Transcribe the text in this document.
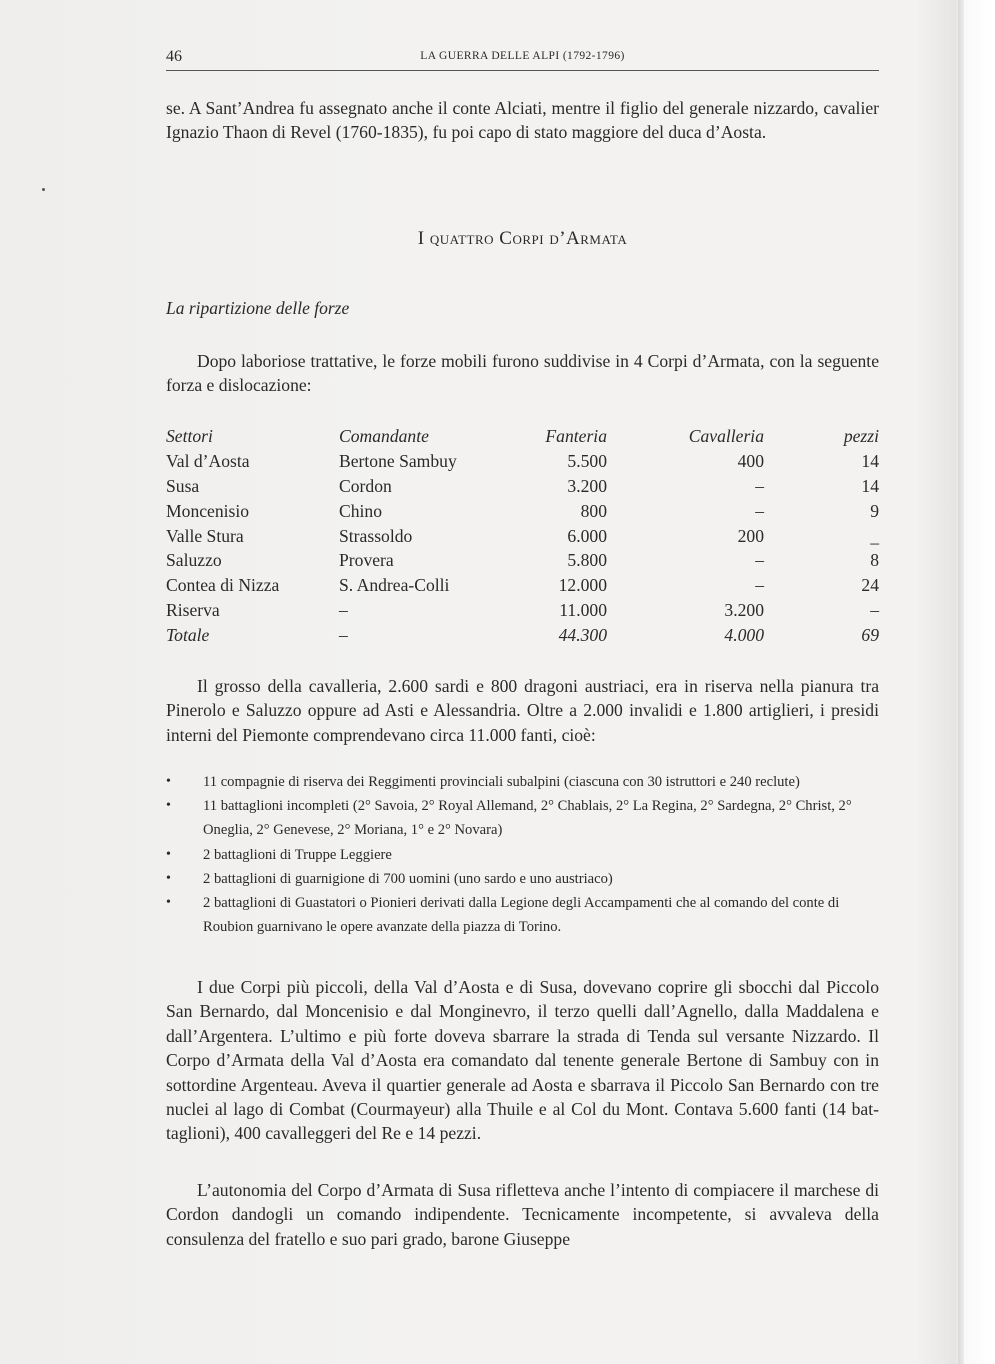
46	LA GUERRA DELLE ALPI (1792-1796)
se. A Sant’Andrea fu assegnato anche il conte Alciati, mentre il figlio del generale nizzardo, cavalier Ignazio Thaon di Revel (1760-1835), fu poi capo di stato maggiore del duca d’Aosta.
I quattro Corpi d’Armata
La ripartizione delle forze
Dopo laboriose trattative, le forze mobili furono suddivise in 4 Corpi d’Armata, con la seguente forza e dislocazione:
Settori	Comandante	Fanteria	Cavalleria	pezzi
Val d’Aosta	Bertone Sambuy	5.500	400	14
Susa	Cordon	3.200	–	14
Moncenisio	Chino	800	–	9
Valle Stura	Strassoldo	6.000	200	_
Saluzzo	Provera	5.800	–	8
Contea di Nizza	S. Andrea-Colli	12.000	–	24
Riserva	–	11.000	3.200	–
Totale	–	44.300	4.000	69
Il grosso della cavalleria, 2.600 sardi e 800 dragoni austriaci, era in riserva nella pianura tra Pinerolo e Saluzzo oppure ad Asti e Alessandria. Oltre a 2.000 invalidi e 1.800 artiglieri, i presidi interni del Piemonte comprendevano circa 11.000 fanti, cioè:
• 11 compagnie di riserva dei Reggimenti provinciali subalpini (ciascuna con 30 istruttori e 240 reclute)
• 11 battaglioni incompleti (2° Savoia, 2° Royal Allemand, 2° Chablais, 2° La Regina, 2° Sardegna, 2° Christ, 2° Oneglia, 2° Genevese, 2° Moriana, 1° e 2° Novara)
• 2 battaglioni di Truppe Leggiere
• 2 battaglioni di guarnigione di 700 uomini (uno sardo e uno austriaco)
• 2 battaglioni di Guastatori o Pionieri derivati dalla Legione degli Accampamenti che al comando del conte di Roubion guarnivano le opere avanzate della piazza di Torino.
I due Corpi più piccoli, della Val d’Aosta e di Susa, dovevano coprire gli sbocchi dal Piccolo San Bernardo, dal Moncenisio e dal Monginevro, il terzo quelli dall’Agnello, dalla Maddalena e dall’Argentera. L’ultimo e più forte doveva sbarrare la strada di Tenda sul versante Nizzardo. Il Corpo d’Armata della Val d’Aosta era comandato dal tenente generale Bertone di Sambuy con in sottordine Argenteau. Aveva il quartier generale ad Aosta e sbarrava il Piccolo San Bernardo con tre nuclei al lago di Combat (Courmayeur) alla Thuile e al Col du Mont. Contava 5.600 fanti (14 battaglioni), 400 cavalleggeri del Re e 14 pezzi.
L’autonomia del Corpo d’Armata di Susa rifletteva anche l’intento di compiacere il marchese di Cordon dandogli un comando indipendente. Tecnicamente incompetente, si avvaleva della consulenza del fratello e suo pari grado, barone Giuseppe
